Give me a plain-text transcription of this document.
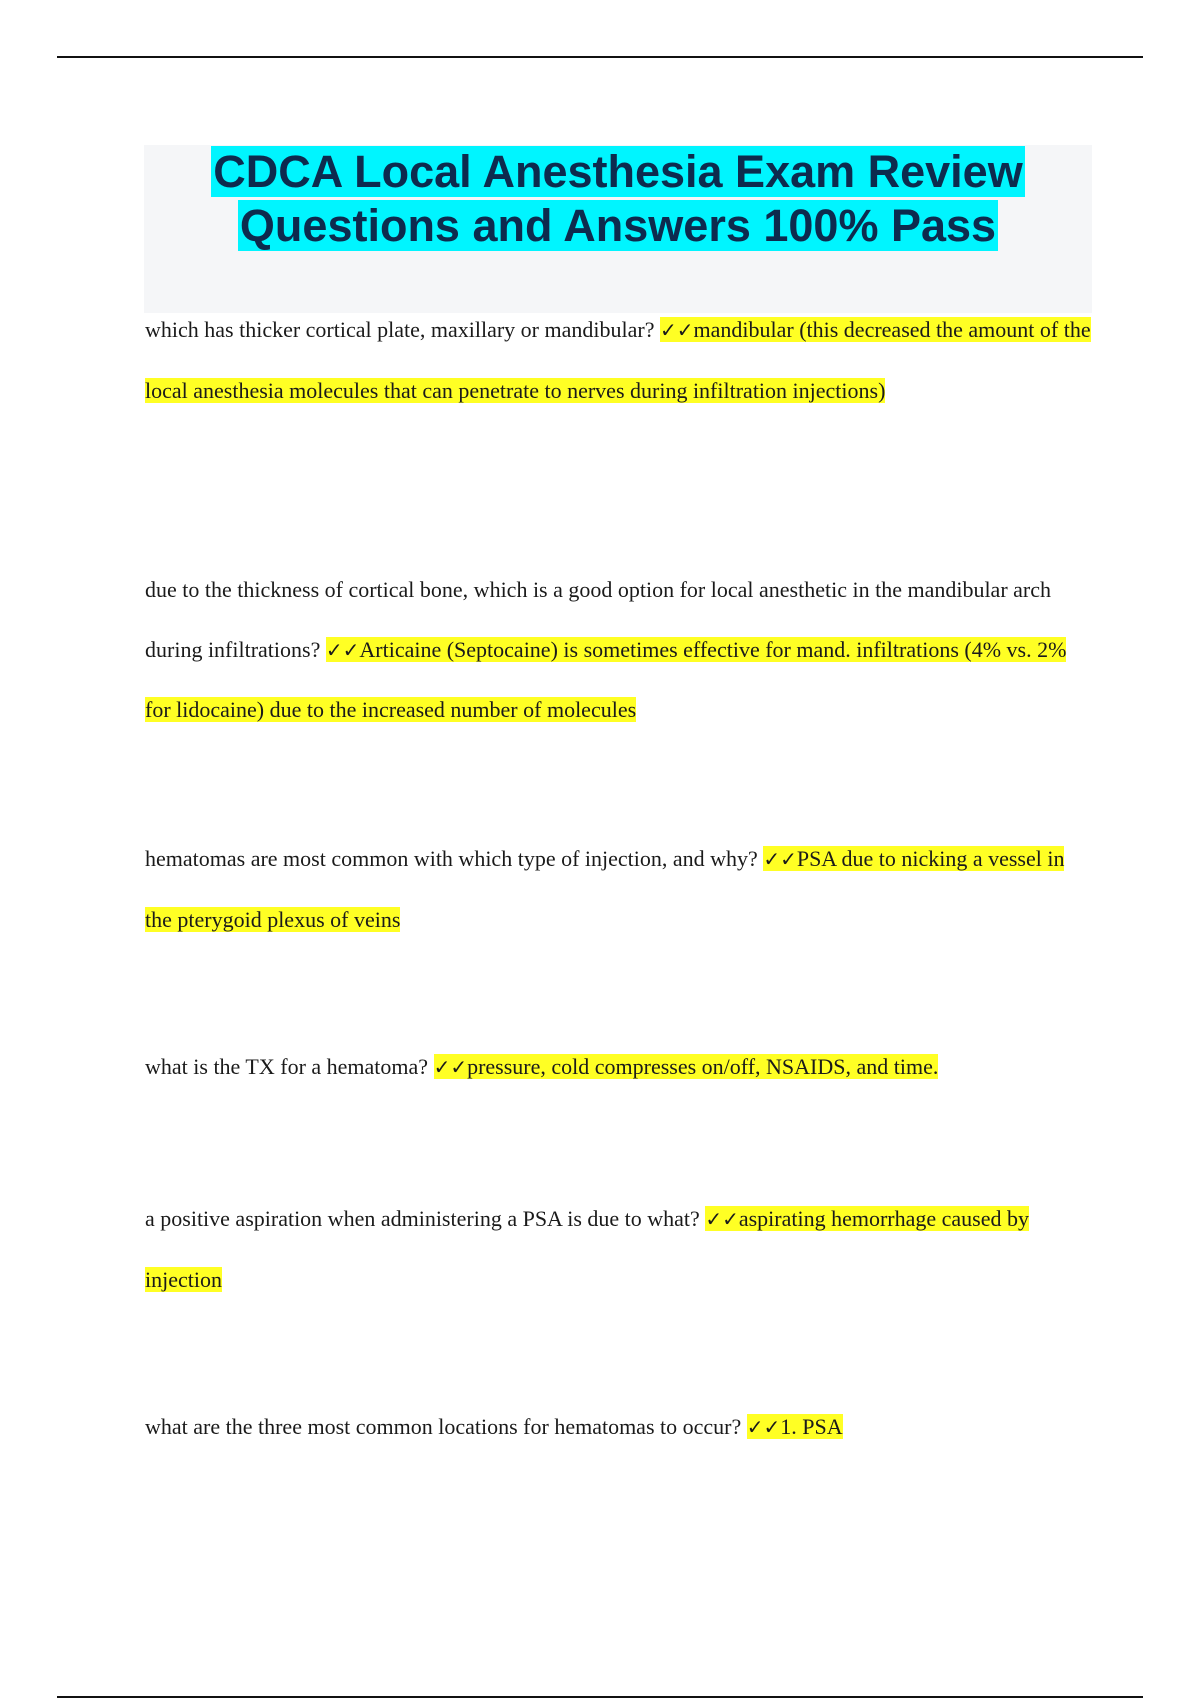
CDCA Local Anesthesia Exam Review
Questions and Answers 100% Pass

which has thicker cortical plate, maxillary or mandibular? ✓✓mandibular (this decreased the amount of the local anesthesia molecules that can penetrate to nerves during infiltration injections)

due to the thickness of cortical bone, which is a good option for local anesthetic in the mandibular arch during infiltrations? ✓✓Articaine (Septocaine) is sometimes effective for mand. infiltrations (4% vs. 2% for lidocaine) due to the increased number of molecules

hematomas are most common with which type of injection, and why? ✓✓PSA due to nicking a vessel in the pterygoid plexus of veins

what is the TX for a hematoma? ✓✓pressure, cold compresses on/off, NSAIDS, and time.

a positive aspiration when administering a PSA is due to what? ✓✓aspirating hemorrhage caused by injection

what are the three most common locations for hematomas to occur? ✓✓1. PSA
